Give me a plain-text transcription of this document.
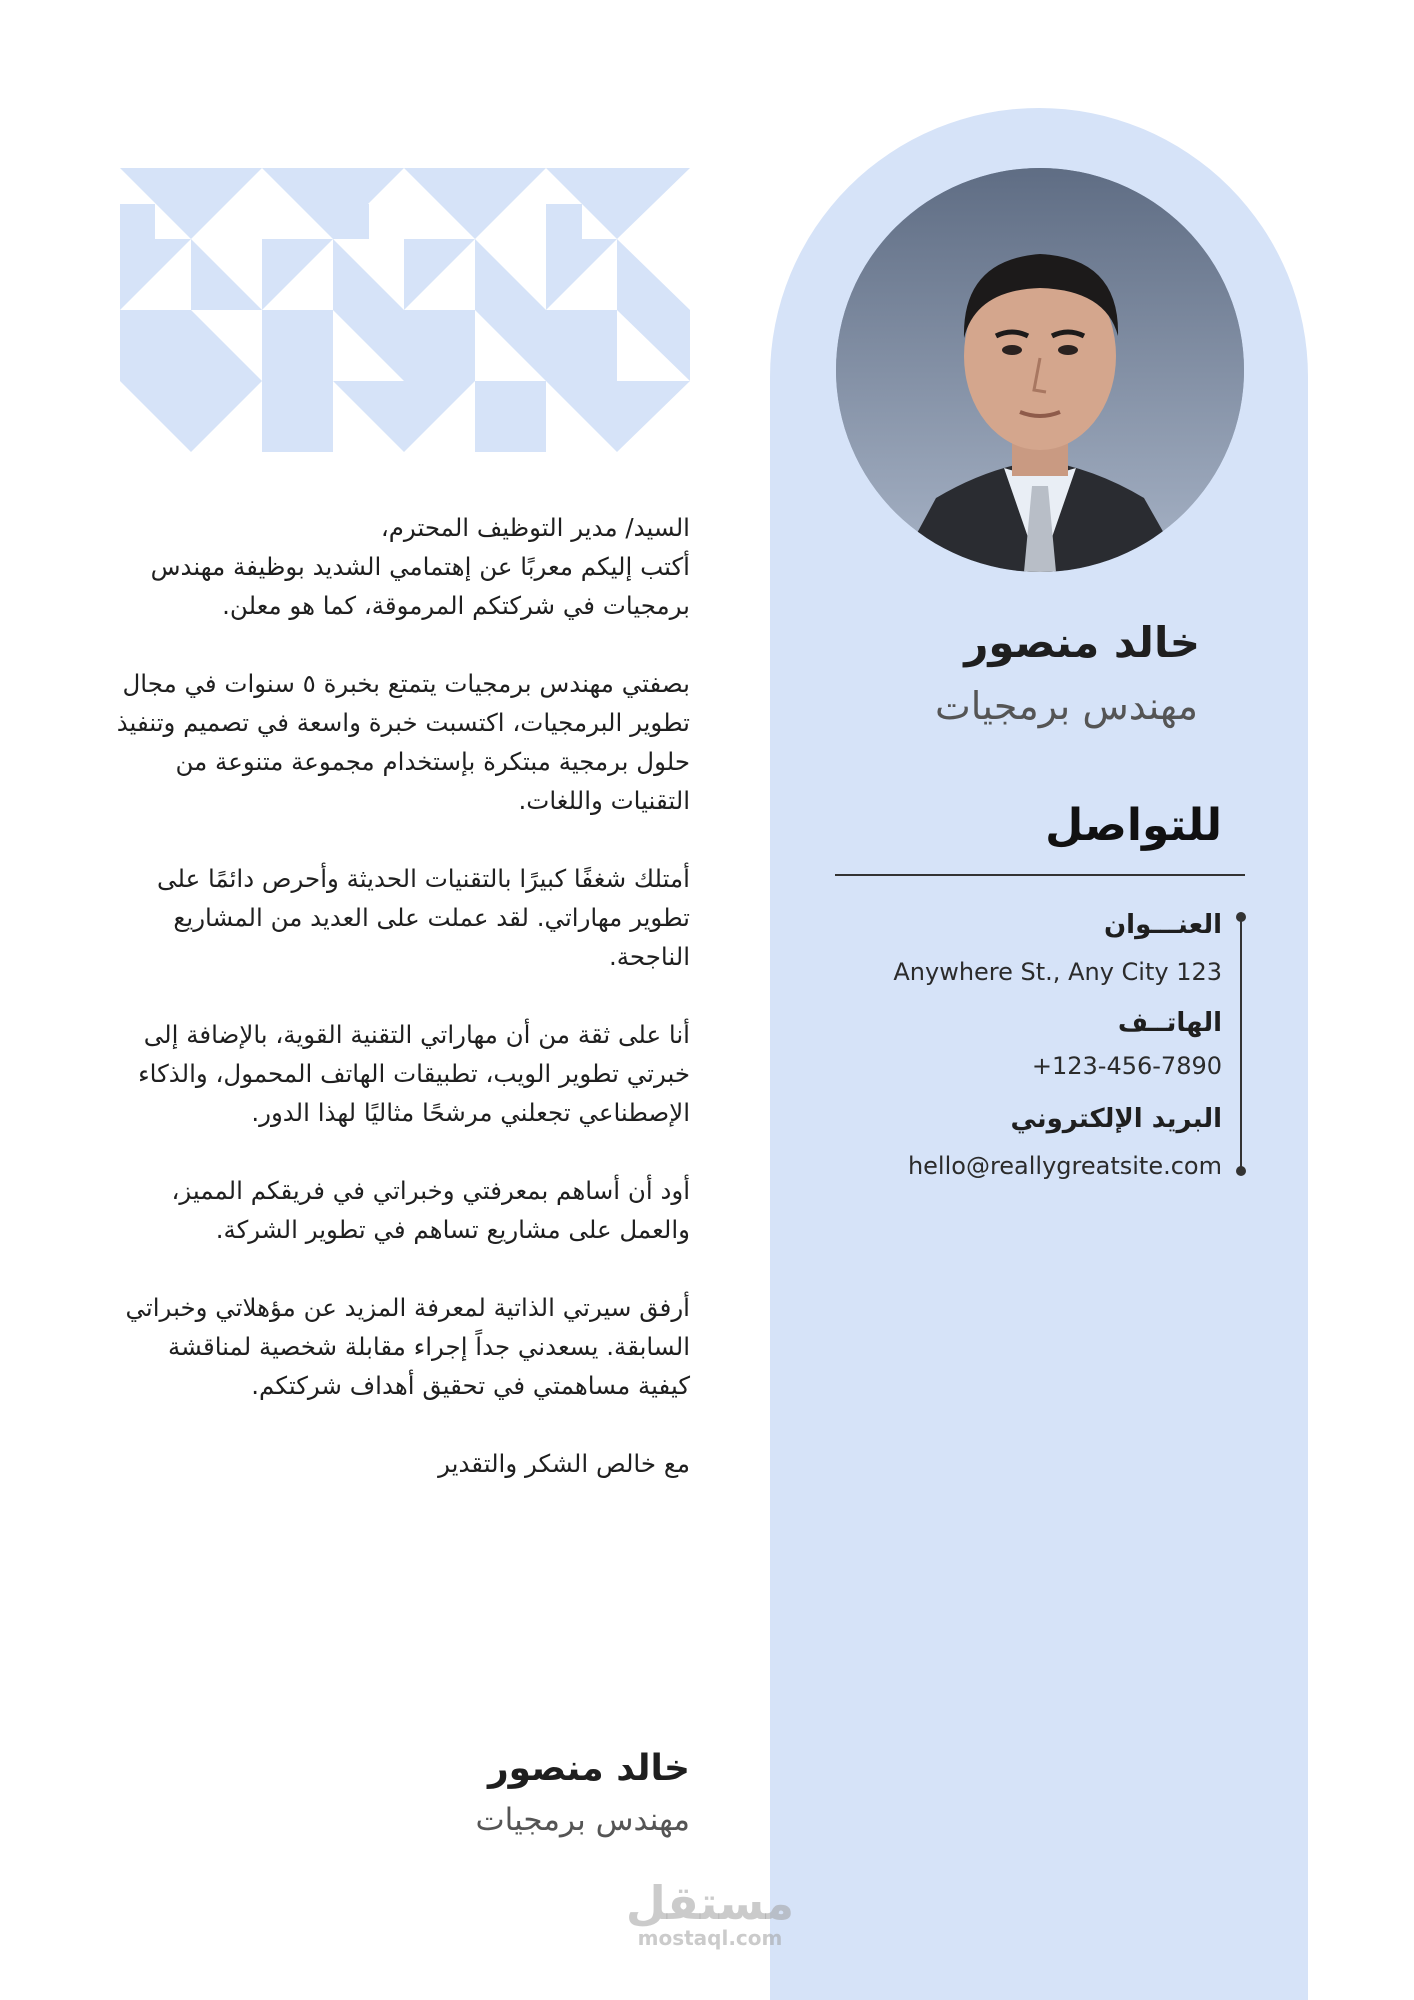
خالد منصور

مهندس برمجيات

للتواصل

العنـــوان

Anywhere St., Any City 123

الهاتــف

+123-456-7890

البريد الإلكتروني

hello@reallygreatsite.com

السيد/ مدير التوظيف المحترم،

أكتب إليكم معربًا عن إهتمامي الشديد بوظيفة مهندس برمجيات في شركتكم المرموقة، كما هو معلن.

بصفتي مهندس برمجيات يتمتع بخبرة ٥ سنوات في مجال تطوير البرمجيات، اكتسبت خبرة واسعة في تصميم وتنفيذ حلول برمجية مبتكرة بإستخدام مجموعة متنوعة من التقنيات واللغات.

أمتلك شغفًا كبيرًا بالتقنيات الحديثة وأحرص دائمًا على تطوير مهاراتي. لقد عملت على العديد من المشاريع الناجحة.

أنا على ثقة من أن مهاراتي التقنية القوية، بالإضافة إلى خبرتي تطوير الويب، تطبيقات الهاتف المحمول، والذكاء الإصطناعي تجعلني مرشحًا مثاليًا لهذا الدور.

أود أن أساهم بمعرفتي وخبراتي في فريقكم المميز، والعمل على مشاريع تساهم في تطوير الشركة.

أرفق سيرتي الذاتية لمعرفة المزيد عن مؤهلاتي وخبراتي السابقة. يسعدني جداً إجراء مقابلة شخصية لمناقشة كيفية مساهمتي في تحقيق أهداف شركتكم.

مع خالص الشكر والتقدير

خالد منصور

مهندس برمجيات

مستقل
mostaql.com
